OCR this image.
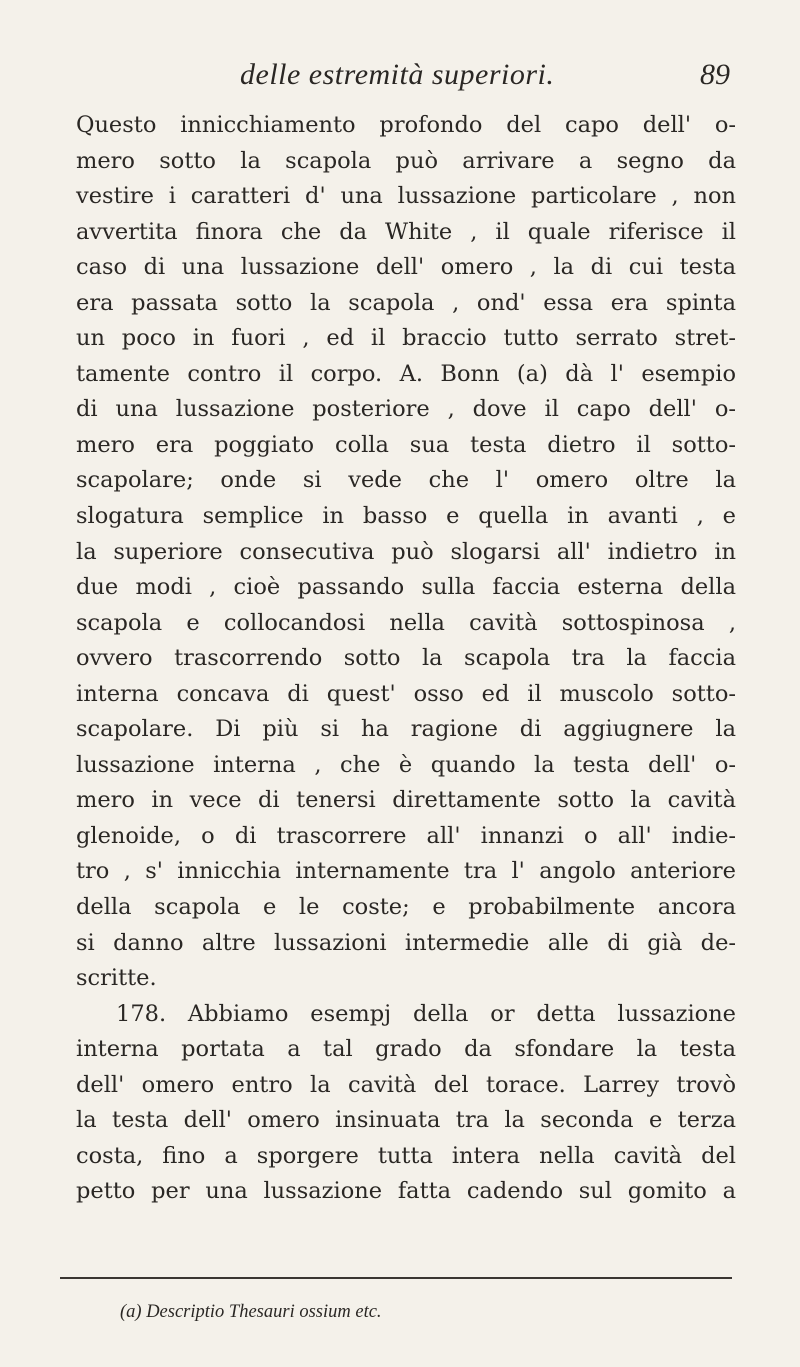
delle estremità superiori.	89
Questo innicchiamento profondo del capo dell' o-
mero sotto la scapola può arrivare a segno da
vestire i caratteri d' una lussazione particolare , non
avvertita finora che da White , il quale riferisce il
caso di una lussazione dell' omero , la di cui testa
era passata sotto la scapola , ond' essa era spinta
un poco in fuori , ed il braccio tutto serrato stret-
tamente contro il corpo. A. Bonn (a) dà l' esempio
di una lussazione posteriore , dove il capo dell' o-
mero era poggiato colla sua testa dietro il sotto-
scapolare; onde si vede che l' omero oltre la
slogatura semplice in basso e quella in avanti , e
la superiore consecutiva può slogarsi all' indietro in
due modi , cioè passando sulla faccia esterna della
scapola e collocandosi nella cavità sottospinosa ,
ovvero trascorrendo sotto la scapola tra la faccia
interna concava di quest' osso ed il muscolo sotto-
scapolare. Di più si ha ragione di aggiugnere la
lussazione interna , che è quando la testa dell' o-
mero in vece di tenersi direttamente sotto la cavità
glenoide, o di trascorrere all' innanzi o all' indie-
tro , s' innicchia internamente tra l' angolo anteriore
della scapola e le coste; e probabilmente ancora
si danno altre lussazioni intermedie alle di già de-
scritte.
178. Abbiamo esempj della or detta lussazione
interna portata a tal grado da sfondare la testa
dell' omero entro la cavità del torace. Larrey trovò
la testa dell' omero insinuata tra la seconda e terza
costa, fino a sporgere tutta intera nella cavità del
petto per una lussazione fatta cadendo sul gomito a
(a) Descriptio Thesauri ossium etc.
